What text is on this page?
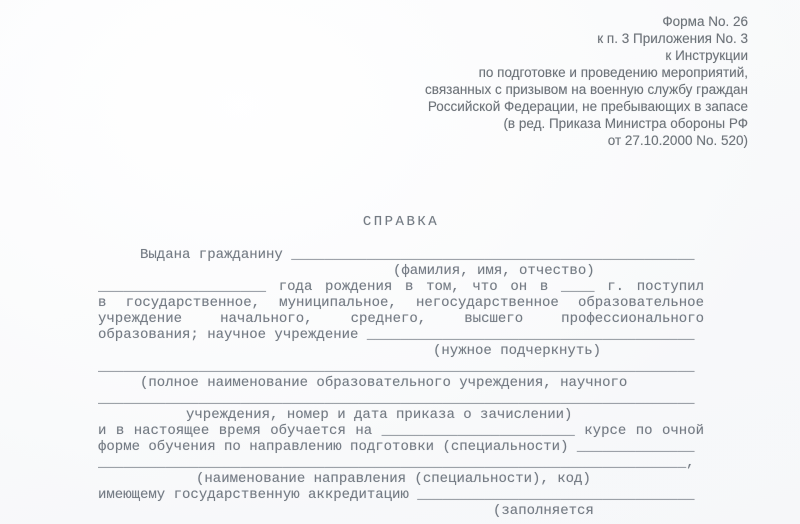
Форма No. 26
к п. 3 Приложения No. 3
к Инструкции
по подготовке и проведению мероприятий,
связанных с призывом на военную службу граждан
Российской Федерации, не пребывающих в запасе
(в ред. Приказа Министра обороны РФ
от 27.10.2000 No. 520)
СПРАВКА
Выдана гражданину ________________________________________________
(фамилия, имя, отчество)
____________________ года рождения в том, что он в ____ г. поступил
в государственное, муниципальное, негосударственное образовательное
учреждение начального, среднего, высшего профессионального
образования; научное учреждение _______________________________________
(нужное подчеркнуть)
_______________________________________________________________________
(полное наименование образовательного учреждения, научного
_______________________________________________________________________
учреждения, номер и дата приказа о зачислении)
и в настоящее время обучается на _______________________ курсе по очной
форме обучения по направлению подготовки (специальности) ______________
______________________________________________________________________,
(наименование направления (специальности), код)
имеющему государственную аккредитацию _________________________________
(заполняется
